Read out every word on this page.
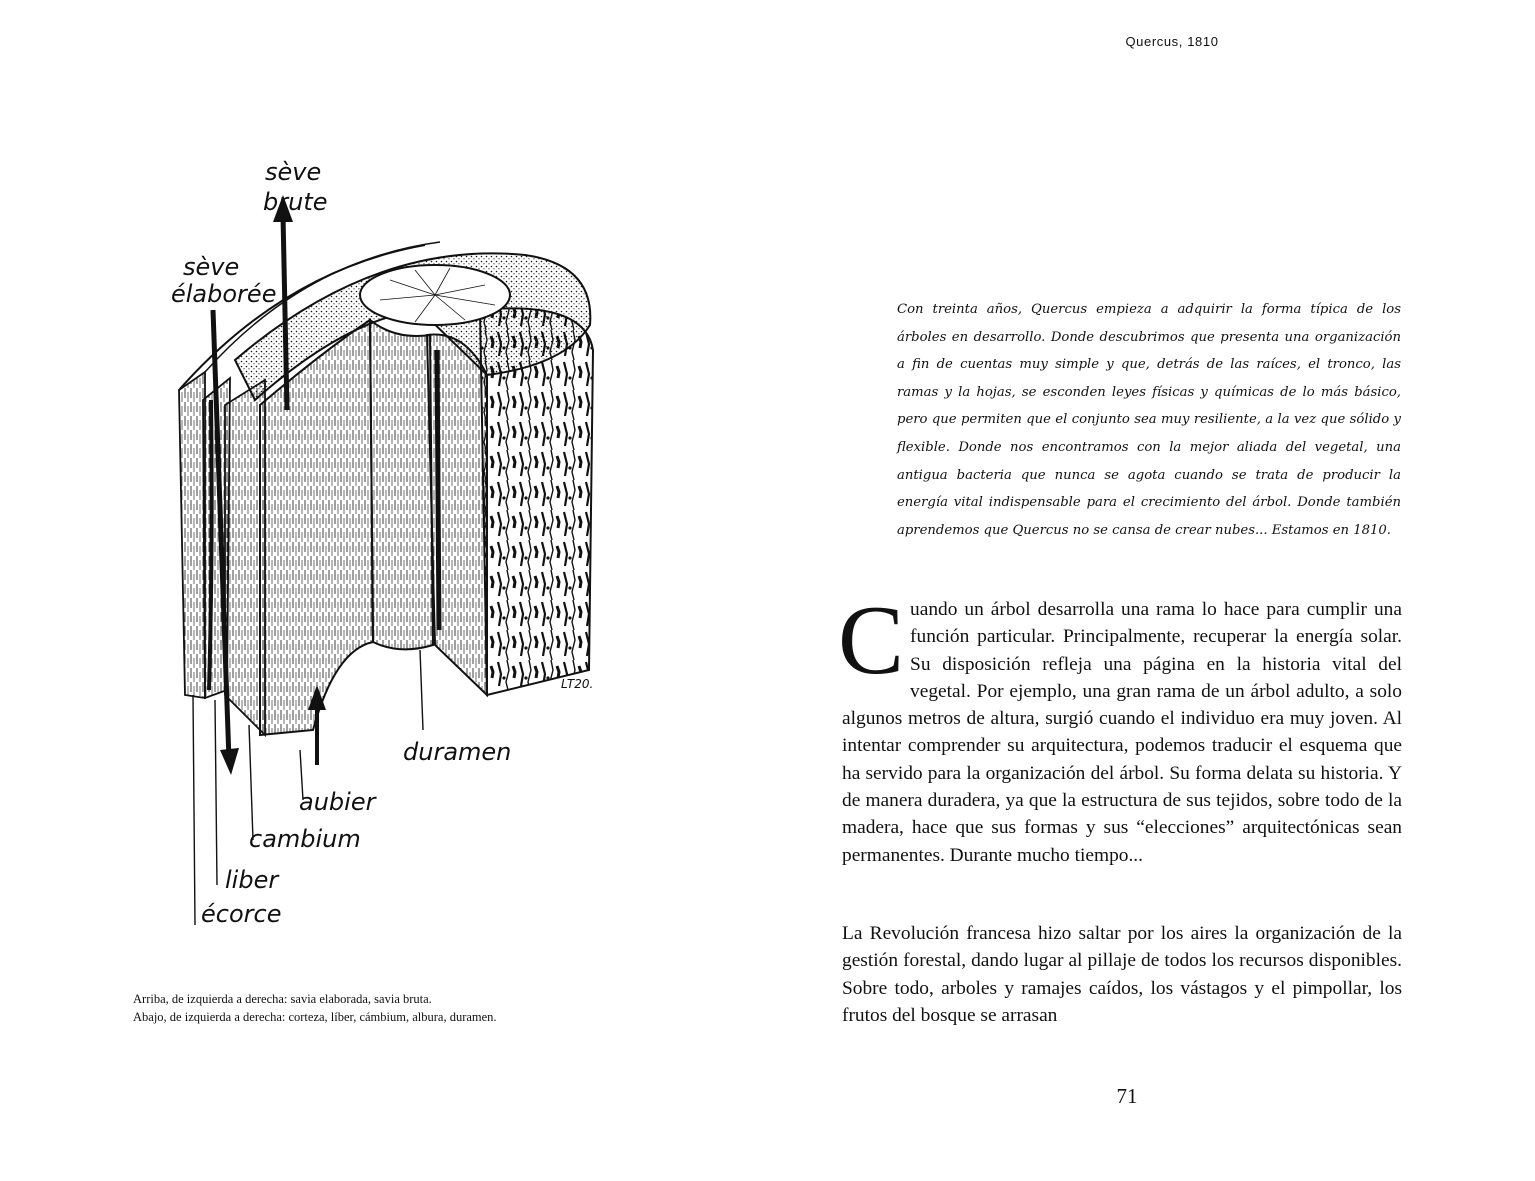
sève
brute
sève
élaborée
duramen
aubier
cambium
liber
écorce
LT20.
Arriba, de izquierda a derecha: savia elaborada, savia bruta.
Abajo, de izquierda a derecha: corteza, líber, cámbium, albura, duramen.
Quercus, 1810
Con treinta años, Quercus empieza a adquirir la forma típica de los árboles en desarrollo. Donde descubrimos que presenta una organización a fin de cuentas muy simple y que, detrás de las raíces, el tronco, las ramas y la hojas, se esconden leyes físicas y químicas de lo más básico, pero que permiten que el conjunto sea muy resiliente, a la vez que sólido y flexible. Donde nos encontramos con la mejor aliada del vegetal, una antigua bacteria que nunca se agota cuando se trata de producir la energía vital indispensable para el crecimiento del árbol. Donde también aprendemos que Quercus no se cansa de crear nubes... Estamos en 1810.

C uando un árbol desarrolla una rama lo hace para cumplir una función particular. Principalmente, recuperar la energía solar. Su disposición refleja una página en la historia vital del vegetal. Por ejemplo, una gran rama de un árbol adulto, a solo algunos metros de altura, surgió cuando el individuo era muy joven. Al intentar comprender su arquitectura, podemos traducir el esquema que ha servido para la organización del árbol. Su forma delata su historia. Y de manera duradera, ya que la estructura de sus tejidos, sobre todo de la madera, hace que sus formas y sus “elecciones” arquitectónicas sean permanentes. Durante mucho tiempo...

La Revolución francesa hizo saltar por los aires la organización de la gestión forestal, dando lugar al pillaje de todos los recursos disponibles. Sobre todo, arboles y ramajes caídos, los vástagos y el pimpollar, los frutos del bosque se arrasan

71
